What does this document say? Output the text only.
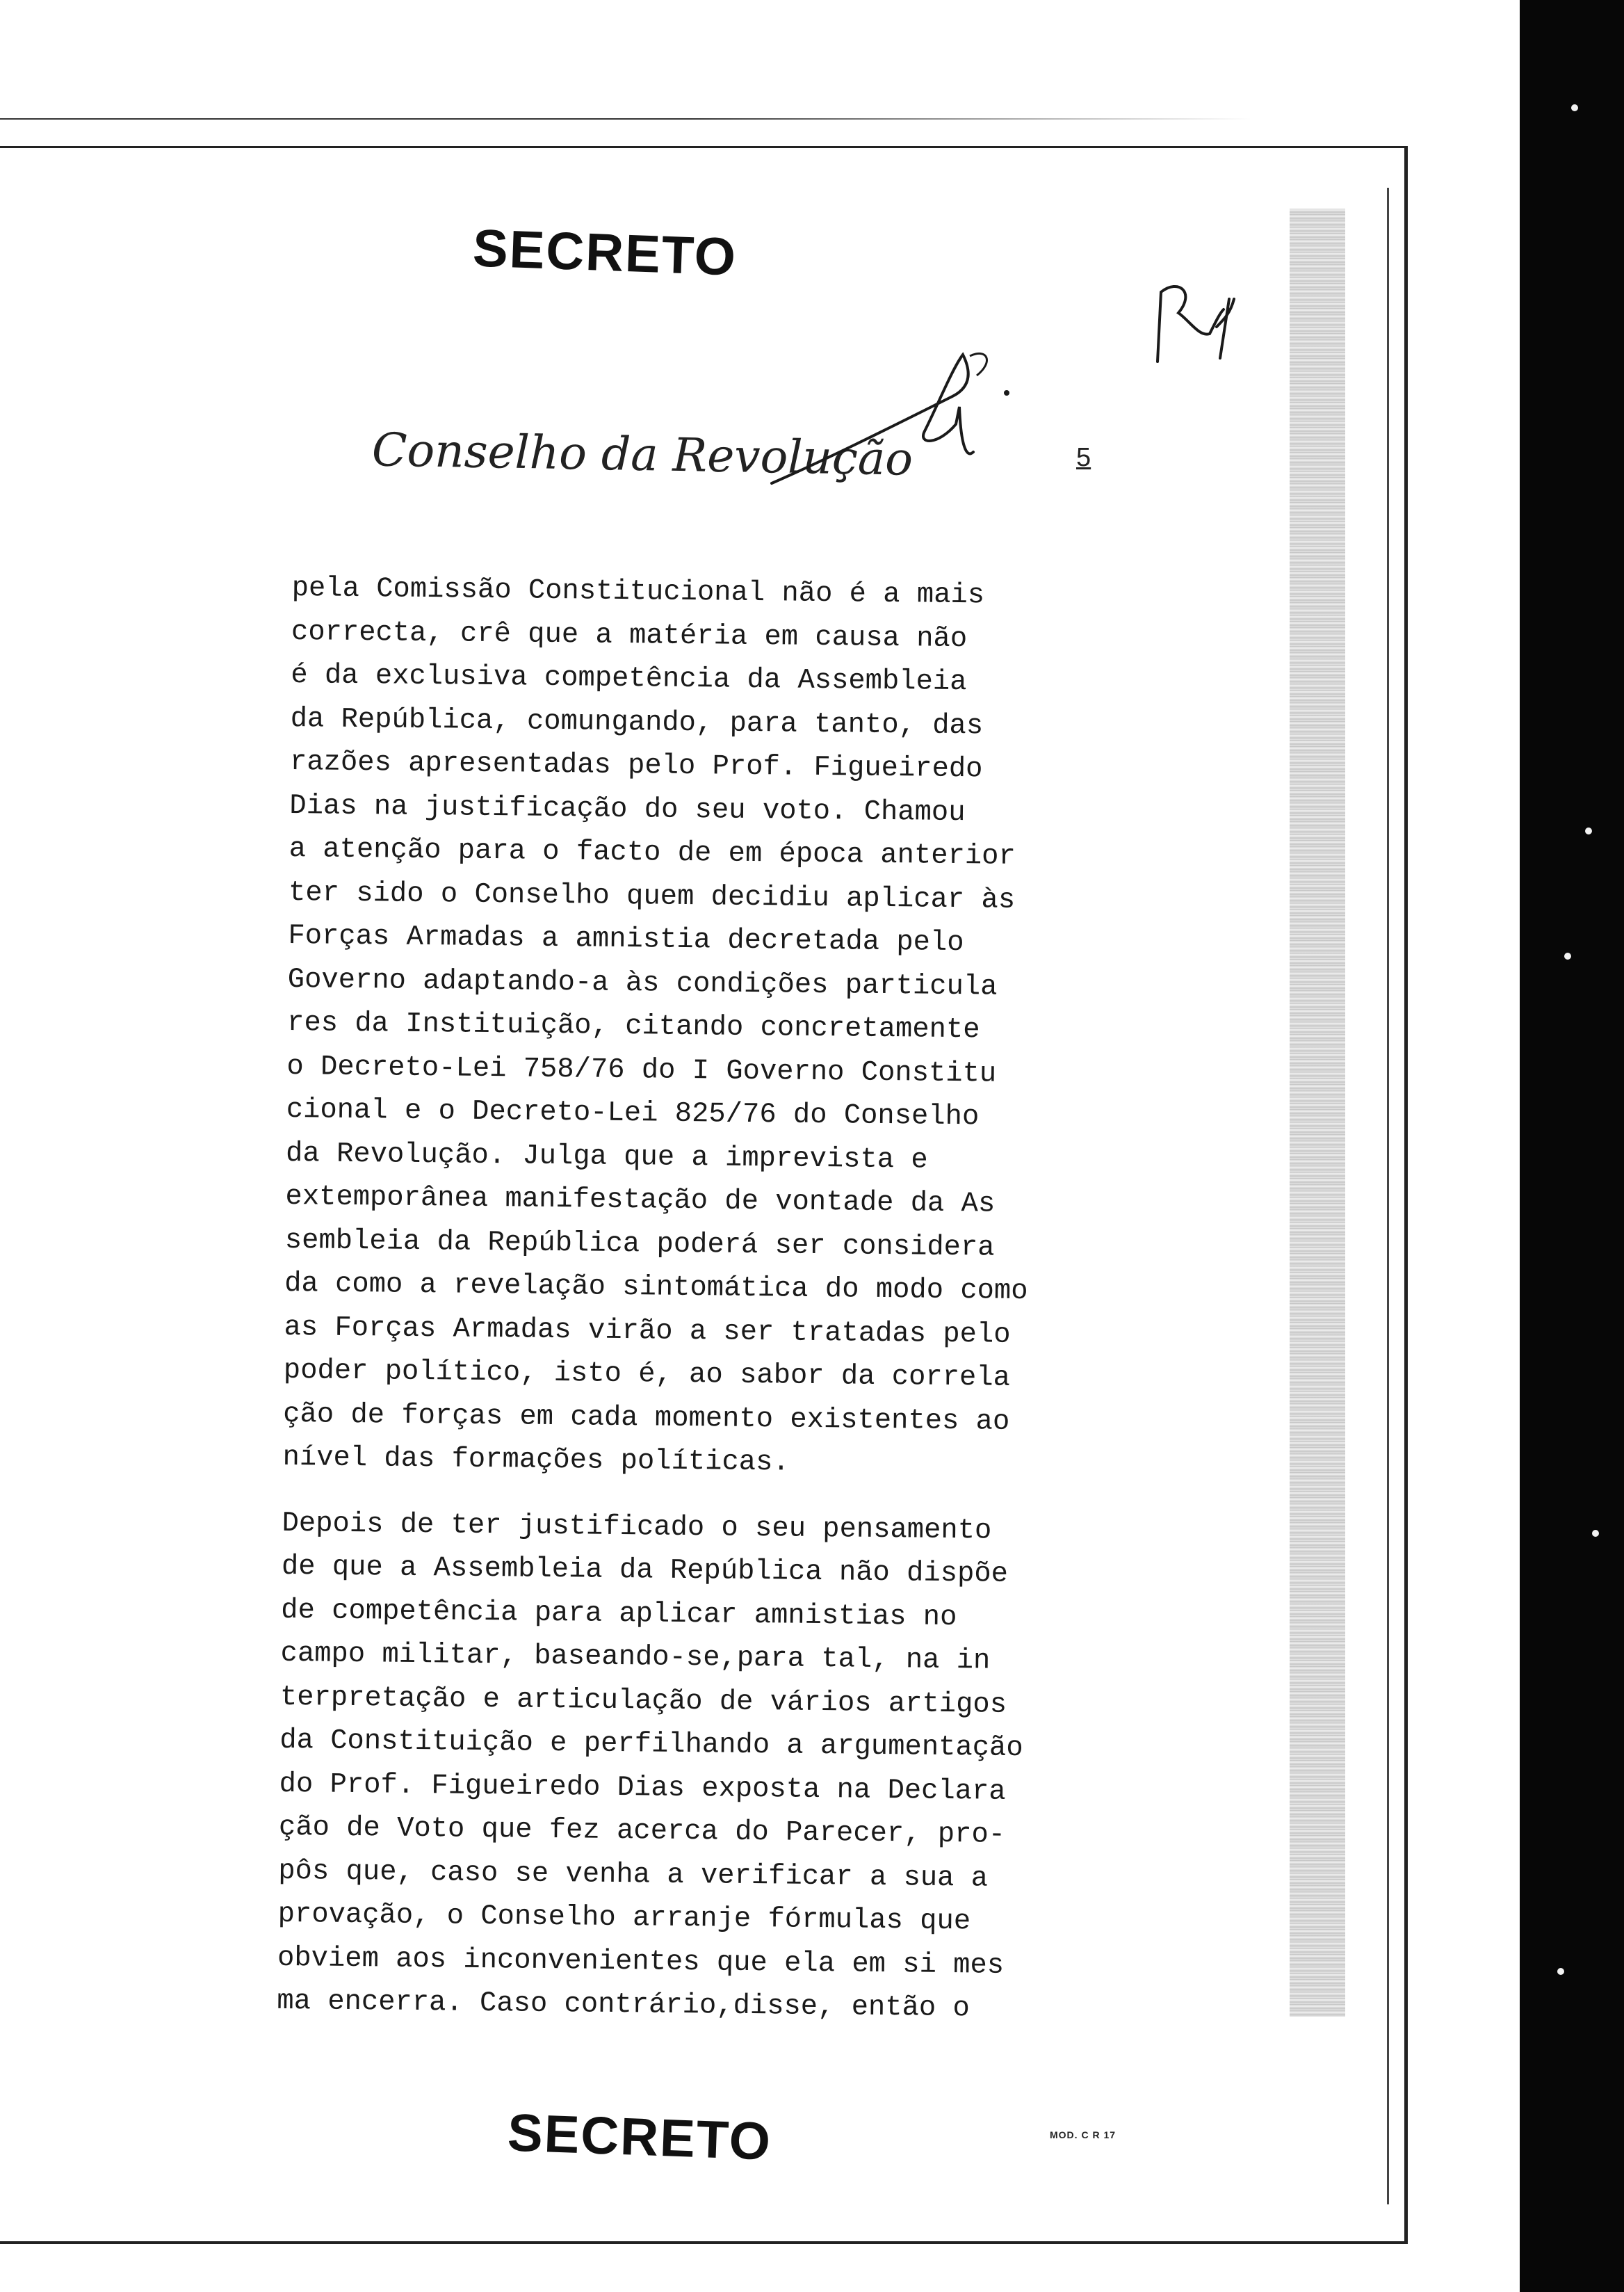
SECRETO
Conselho da Revolução	5

pela Comissão Constitucional não é a mais
correcta, crê que a matéria em causa não
é da exclusiva competência da Assembleia
da República, comungando, para tanto, das
razões apresentadas pelo Prof. Figueiredo
Dias na justificação do seu voto. Chamou
a atenção para o facto de em época anterior
ter sido o Conselho quem decidiu aplicar às
Forças Armadas a amnistia decretada pelo
Governo adaptando-a às condições particula
res da Instituição, citando concretamente
o Decreto-Lei 758/76 do I Governo Constitu
cional e o Decreto-Lei 825/76 do Conselho
da Revolução. Julga que a imprevista e
extemporânea manifestação de vontade da As
sembleia da República poderá ser considera
da como a revelação sintomática do modo como
as Forças Armadas virão a ser tratadas pelo
poder político, isto é, ao sabor da correla
ção de forças em cada momento existentes ao
nível das formações políticas.

Depois de ter justificado o seu pensamento
de que a Assembleia da República não dispõe
de competência para aplicar amnistias no
campo militar, baseando-se,para tal, na in
terpretação e articulação de vários artigos
da Constituição e perfilhando a argumentação
do Prof. Figueiredo Dias exposta na Declara
ção de Voto que fez acerca do Parecer, pro-
pôs que, caso se venha a verificar a sua a
provação, o Conselho arranje fórmulas que
obviem aos inconvenientes que ela em si mes
ma encerra. Caso contrário,disse, então o

SECRETO	MOD. C R 17
